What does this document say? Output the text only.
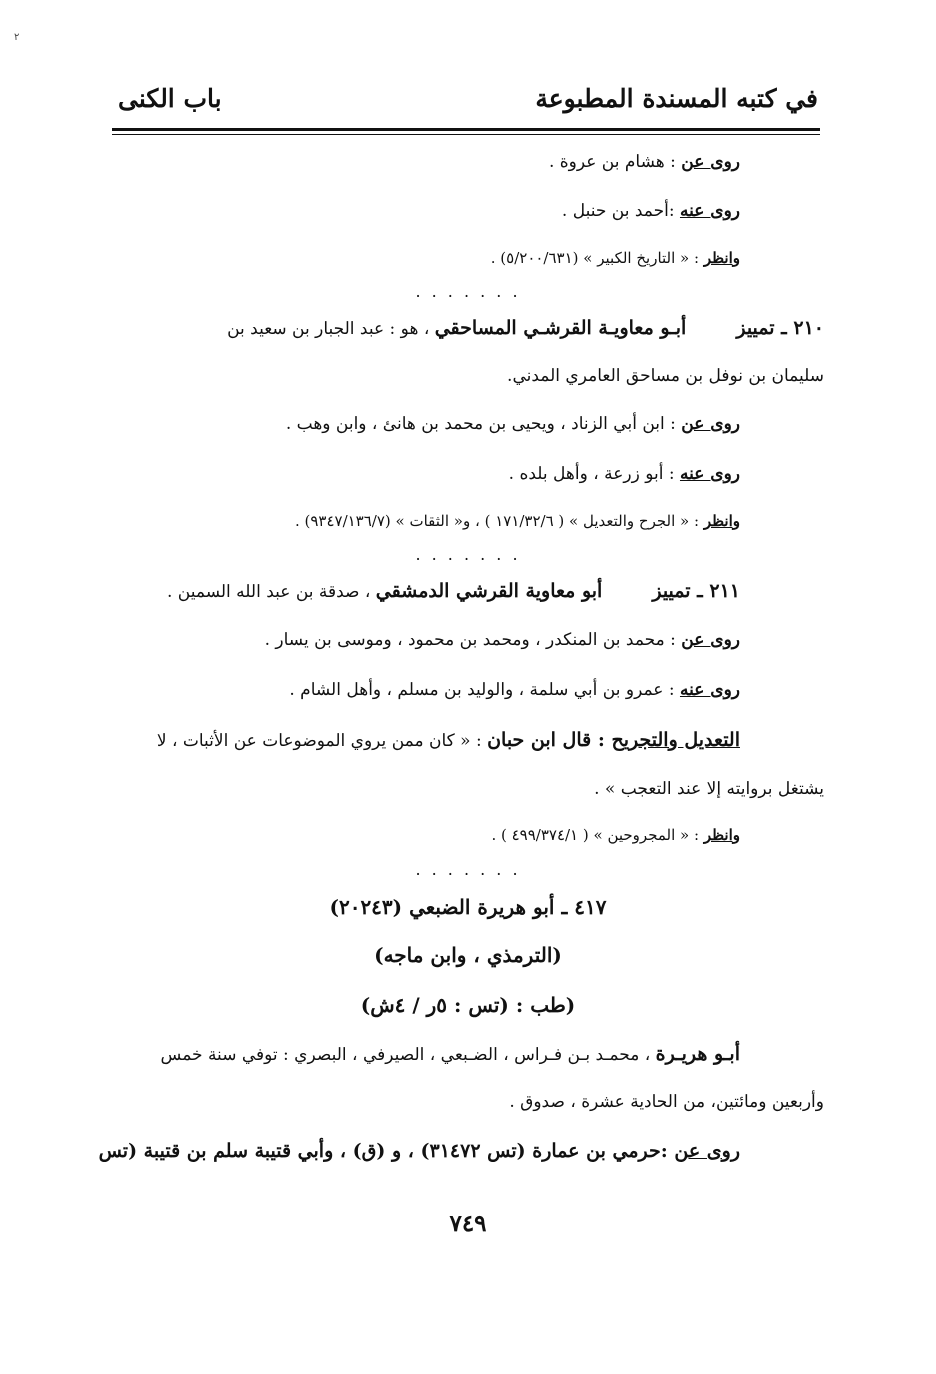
٢
في كتبه المسندة المطبوعة
باب الكنى
روى عن : هشام بن عروة .
روى عنه :أحمد بن حنبل .
وانظر : « التاريخ الكبير » (٥/٢٠٠/٦٣١) .
. . . . . . .
٢١٠ ـ تمييزأبـو معاويـة القرشـي المساحقي ، هو : عبد الجبار بن سعيد بن
سليمان بن نوفل بن مساحق العامري المدني.
روى عن : ابن أبي الزناد ، ويحيى بن محمد بن هانئ ، وابن وهب .
روى عنه : أبو زرعة ، وأهل بلده .
وانظر : « الجرح والتعديل » ( ١٧١/٣٢/٦ ) ، و« الثقات » (٩٣٤٧/١٣٦/٧) .
. . . . . . .
٢١١ ـ تمييزأبو معاوية القرشي الدمشقي ، صدقة بن عبد الله السمين .
روى عن : محمد بن المنكدر ، ومحمد بن محمود ، وموسى بن يسار .
روى عنه : عمرو بن أبي سلمة ، والوليد بن مسلم ، وأهل الشام .
التعديل والتجريح : قال ابن حبان : « كان ممن يروي الموضوعات عن الأثبات ، لا
يشتغل بروايته إلا عند التعجب » .
وانظر : « المجروحين » ( ٤٩٩/٣٧٤/١ ) .
. . . . . . .
٤١٧ ـ أبو هريرة الضبعي (٢٠٢٤٣)
(الترمذي ، وابن ماجه)
(طب : (تس : ٥ر / ٤ش)
أبـو هريـرة ، محمـد بـن فـراس ، الضـبعي ، الصيرفي ، البصري : توفي سنة خمس
وأربعين ومائتين، من الحادية عشرة ، صدوق .
روى عن :حرمي بن عمارة (تس ٣١٤٧٢) ، و (ق) ، وأبي قتيبة سلم بن قتيبة (تس
٧٤٩
